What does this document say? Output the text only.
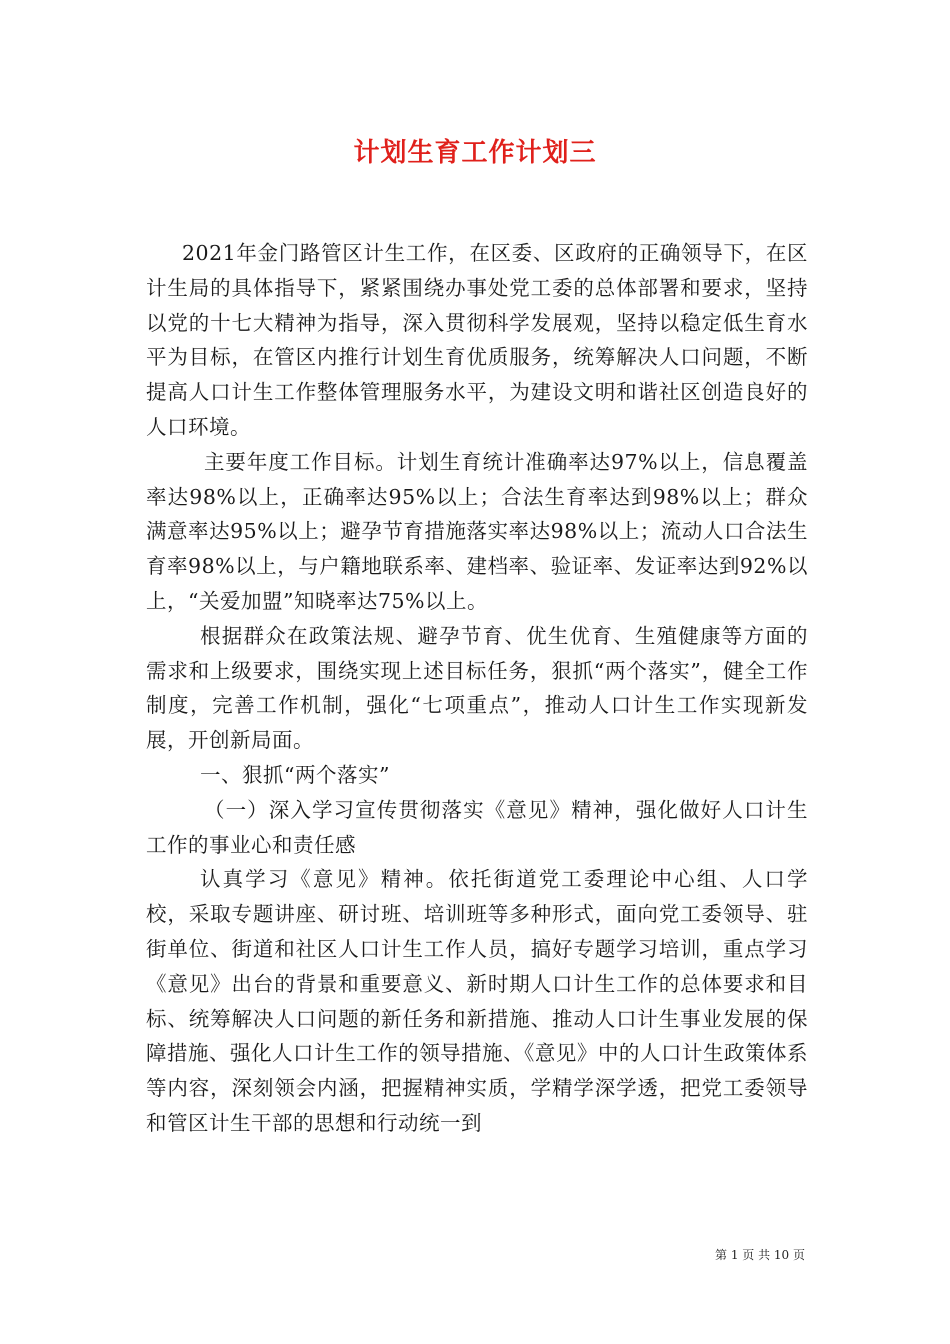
计划生育工作计划三

2021年金门路管区计生工作，在区委、区政府的正确领导下，在区计生局的具体指导下，紧紧围绕办事处党工委的总体部署和要求，坚持以党的十七大精神为指导，深入贯彻科学发展观，坚持以稳定低生育水平为目标，在管区内推行计划生育优质服务，统筹解决人口问题，不断提高人口计生工作整体管理服务水平，为建设文明和谐社区创造良好的人口环境。

主要年度工作目标。计划生育统计准确率达97%以上，信息覆盖率达98%以上，正确率达95%以上；合法生育率达到98%以上；群众满意率达95%以上；避孕节育措施落实率达98%以上；流动人口合法生育率98%以上，与户籍地联系率、建档率、验证率、发证率达到92%以上，“关爱加盟”知晓率达75%以上。

根据群众在政策法规、避孕节育、优生优育、生殖健康等方面的需求和上级要求，围绕实现上述目标任务，狠抓“两个落实”，健全工作制度，完善工作机制，强化“七项重点”，推动人口计生工作实现新发展，开创新局面。

一、狠抓“两个落实”

（一）深入学习宣传贯彻落实《意见》精神，强化做好人口计生工作的事业心和责任感

认真学习《意见》精神。依托街道党工委理论中心组、人口学校，采取专题讲座、研讨班、培训班等多种形式，面向党工委领导、驻街单位、街道和社区人口计生工作人员，搞好专题学习培训，重点学习《意见》出台的背景和重要意义、新时期人口计生工作的总体要求和目标、统筹解决人口问题的新任务和新措施、推动人口计生事业发展的保障措施、强化人口计生工作的领导措施、《意见》中的人口计生政策体系等内容，深刻领会内涵，把握精神实质，学精学深学透，把党工委领导和管区计生干部的思想和行动统一到

第 1 页 共 10 页
